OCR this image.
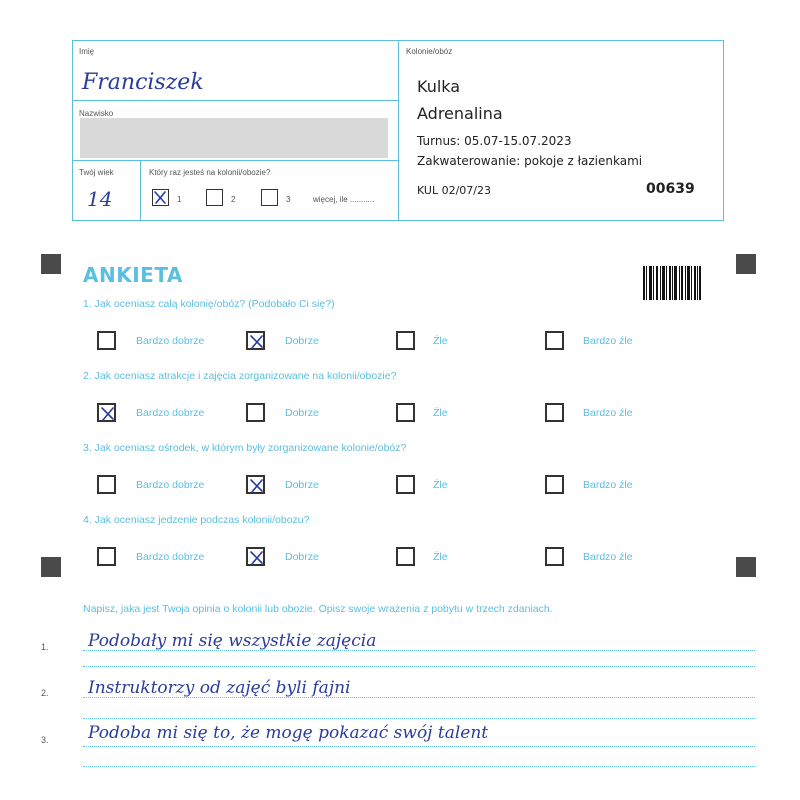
Imię
Franciszek
Nazwisko
Twój wiek
14
Który raz jesteś na kolonii/obozie?
1	2	3	więcej, ile ...........
Kolonie/obóz
Kulka
Adrenalina
Turnus: 05.07-15.07.2023
Zakwaterowanie: pokoje z łazienkami
KUL 02/07/23	00639
ANKIETA
1. Jak oceniasz całą kolonię/obóz? (Podobało Ci się?)
Bardzo dobrze	Dobrze	Źle	Bardzo źle
2. Jak oceniasz atrakcje i zajęcia zorganizowane na kolonii/obozie?
Bardzo dobrze	Dobrze	Źle	Bardzo źle
3. Jak oceniasz ośrodek, w którym były zorganizowane kolonie/obóz?
Bardzo dobrze	Dobrze	Źle	Bardzo źle
4. Jak oceniasz jedzenie podczas kolonii/obozu?
Bardzo dobrze	Dobrze	Źle	Bardzo źle
Napisz, jaka jest Twoja opinia o kolonii lub obozie. Opisz swoje wrażenia z pobytu w trzech zdaniach.
1. Podobały mi się wszystkie zajęcia
2. Instruktorzy od zajęć byli fajni
3. Podoba mi się to, że mogę pokazać swój talent
